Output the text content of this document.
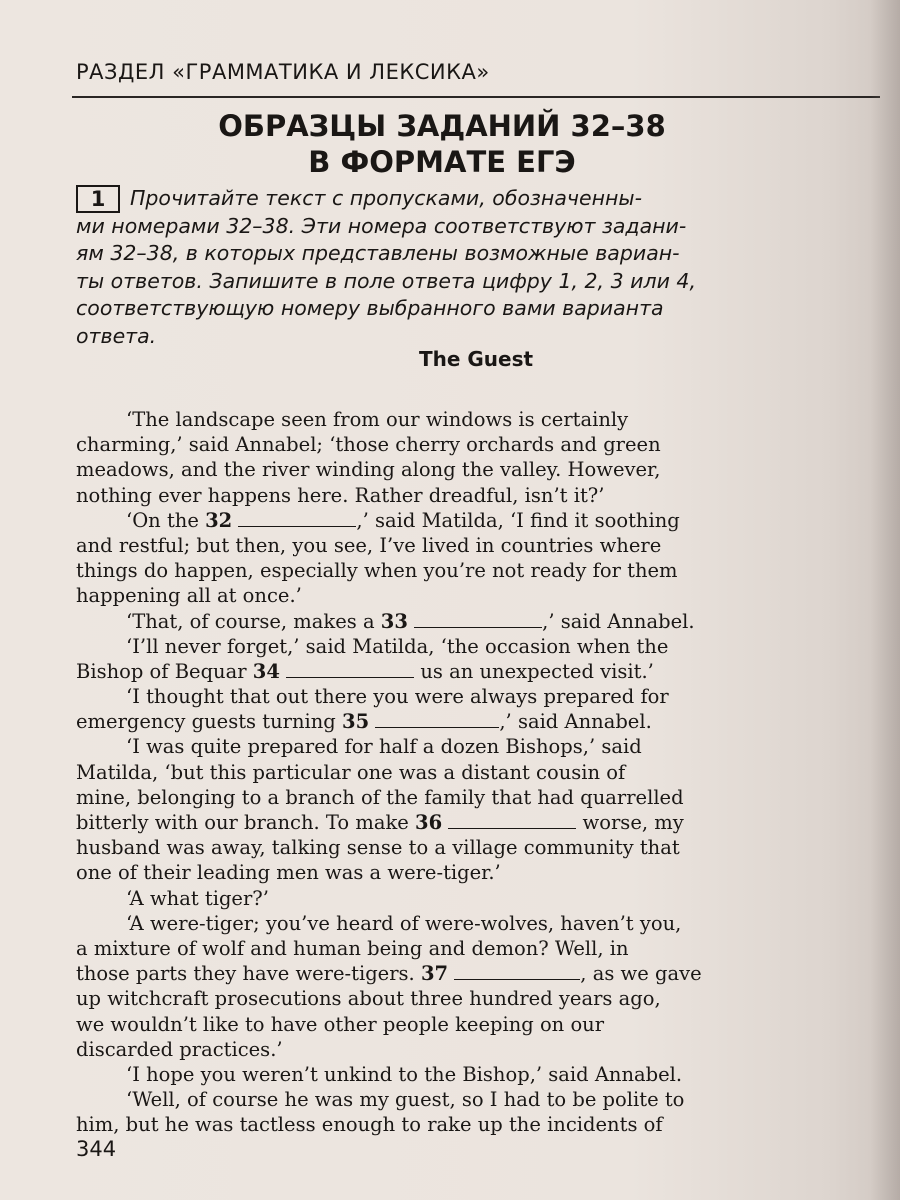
РАЗДЕЛ «ГРАММАТИКА И ЛЕКСИКА»
ОБРАЗЦЫ ЗАДАНИЙ 32–38
В ФОРМАТЕ ЕГЭ
1 Прочитайте текст с пропусками, обозначенны-
ми номерами 32–38. Эти номера соответствуют задани-
ям 32–38, в которых представлены возможные вариан-
ты ответов. Запишите в поле ответа цифру 1, 2, 3 или 4,
соответствующую номеру выбранного вами варианта
ответа.
The Guest
‘The landscape seen from our windows is certainly
charming,’ said Annabel; ‘those cherry orchards and green
meadows, and the river winding along the valley. However,
nothing ever happens here. Rather dreadful, isn’t it?’
‘On the 32	,’ said Matilda, ‘I find it soothing
and restful; but then, you see, I’ve lived in countries where
things do happen, especially when you’re not ready for them
happening all at once.’
‘That, of course, makes a 33	,’ said Annabel.
‘I’ll never forget,’ said Matilda, ‘the occasion when the
Bishop of Bequar 34	us an unexpected visit.’
‘I thought that out there you were always prepared for
emergency guests turning 35	,’ said Annabel.
‘I was quite prepared for half a dozen Bishops,’ said
Matilda, ‘but this particular one was a distant cousin of
mine, belonging to a branch of the family that had quarrelled
bitterly with our branch. To make 36	worse, my
husband was away, talking sense to a village community that
one of their leading men was a were-tiger.’
‘A what tiger?’
‘A were-tiger; you’ve heard of were-wolves, haven’t you,
a mixture of wolf and human being and demon? Well, in
those parts they have were-tigers. 37	, as we gave
up witchcraft prosecutions about three hundred years ago,
we wouldn’t like to have other people keeping on our
discarded practices.’
‘I hope you weren’t unkind to the Bishop,’ said Annabel.
‘Well, of course he was my guest, so I had to be polite to
him, but he was tactless enough to rake up the incidents of
344
